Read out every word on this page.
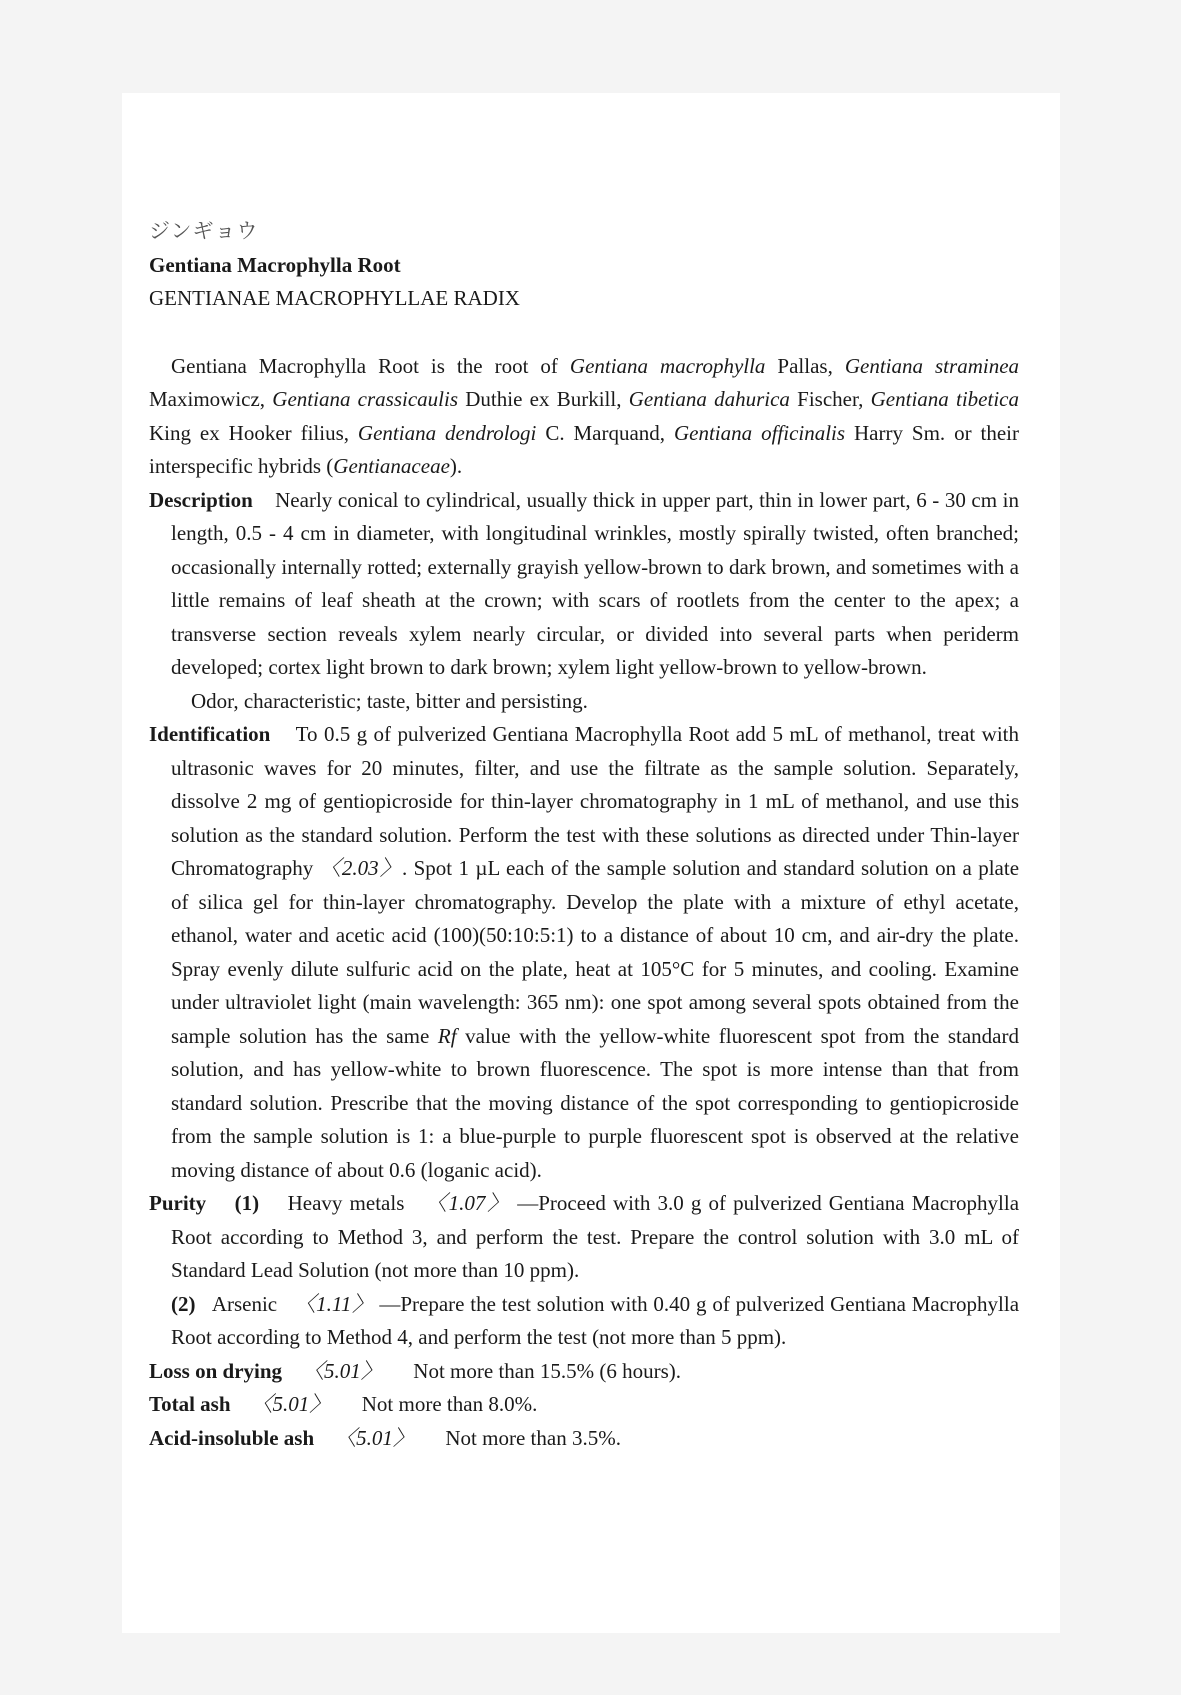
ジンギョウ

Gentiana Macrophylla Root

GENTIANAE MACROPHYLLAE RADIX

Gentiana Macrophylla Root is the root of Gentiana macrophylla Pallas, Gentiana straminea Maximowicz, Gentiana crassicaulis Duthie ex Burkill, Gentiana dahurica Fischer, Gentiana tibetica King ex Hooker filius, Gentiana dendrologi C. Marquand, Gentiana officinalis Harry Sm. or their interspecific hybrids (Gentianaceae).

Description Nearly conical to cylindrical, usually thick in upper part, thin in lower part, 6 - 30 cm in length, 0.5 - 4 cm in diameter, with longitudinal wrinkles, mostly spirally twisted, often branched; occasionally internally rotted; externally grayish yellow-brown to dark brown, and sometimes with a little remains of leaf sheath at the crown; with scars of rootlets from the center to the apex; a transverse section reveals xylem nearly circular, or divided into several parts when periderm developed; cortex light brown to dark brown; xylem light yellow-brown to yellow-brown.

Odor, characteristic; taste, bitter and persisting.

Identification To 0.5 g of pulverized Gentiana Macrophylla Root add 5 mL of methanol, treat with ultrasonic waves for 20 minutes, filter, and use the filtrate as the sample solution. Separately, dissolve 2 mg of gentiopicroside for thin-layer chromatography in 1 mL of methanol, and use this solution as the standard solution. Perform the test with these solutions as directed under Thin-layer Chromatography 〈2.03〉. Spot 1 µL each of the sample solution and standard solution on a plate of silica gel for thin-layer chromatography. Develop the plate with a mixture of ethyl acetate, ethanol, water and acetic acid (100)(50:10:5:1) to a distance of about 10 cm, and air-dry the plate. Spray evenly dilute sulfuric acid on the plate, heat at 105°C for 5 minutes, and cooling. Examine under ultraviolet light (main wavelength: 365 nm): one spot among several spots obtained from the sample solution has the same Rf value with the yellow-white fluorescent spot from the standard solution, and has yellow-white to brown fluorescence. The spot is more intense than that from standard solution. Prescribe that the moving distance of the spot corresponding to gentiopicroside from the sample solution is 1: a blue-purple to purple fluorescent spot is observed at the relative moving distance of about 0.6 (loganic acid).

Purity (1) Heavy metals 〈1.07〉 —Proceed with 3.0 g of pulverized Gentiana Macrophylla Root according to Method 3, and perform the test. Prepare the control solution with 3.0 mL of Standard Lead Solution (not more than 10 ppm).

(2) Arsenic 〈1.11〉 —Prepare the test solution with 0.40 g of pulverized Gentiana Macrophylla Root according to Method 4, and perform the test (not more than 5 ppm).

Loss on drying 〈5.01〉 Not more than 15.5% (6 hours).

Total ash 〈5.01〉 Not more than 8.0%.

Acid-insoluble ash 〈5.01〉 Not more than 3.5%.
